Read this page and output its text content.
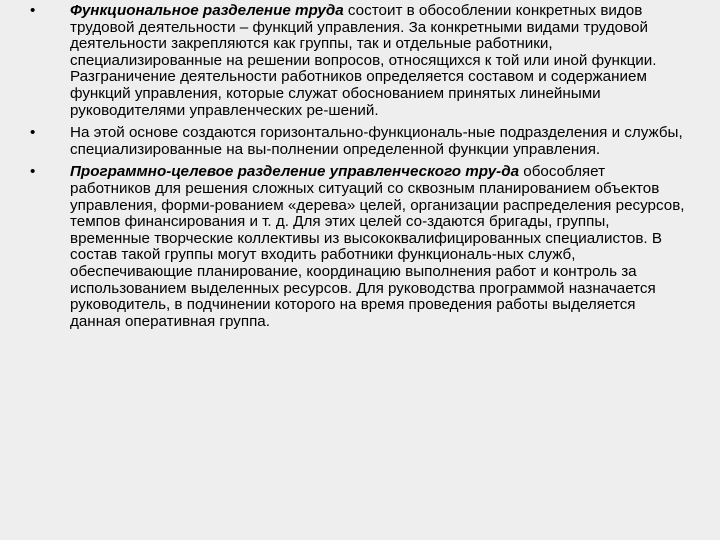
• Функциональное разделение труда состоит в обособлении конкретных видов трудовой деятельности – функций управления. За конкретными видами трудовой деятельности закрепляются как группы, так и отдельные работники, специализированные на решении вопросов, относящихся к той или иной функции. Разграничение деятельности работников определяется составом и содержанием функций управления, которые служат обоснованием принятых линейными руководителями управленческих ре-шений.
• На этой основе создаются горизонтально-функциональ-ные подразделения и службы, специализированные на вы-полнении определенной функции управления.
• Программно-целевое разделение управленческого тру-да обособляет работников для решения сложных ситуаций со сквозным планированием объектов управления, форми-рованием «дерева» целей, организации распределения ресурсов, темпов финансирования и т. д. Для этих целей со-здаются бригады, группы, временные творческие коллективы из высококвалифицированных специалистов. В состав такой группы могут входить работники функциональ-ных служб, обеспечивающие планирование, координацию выполнения работ и контроль за использованием выделенных ресурсов. Для руководства программой назначается руководитель, в подчинении которого на время проведения работы выделяется данная оперативная группа.
